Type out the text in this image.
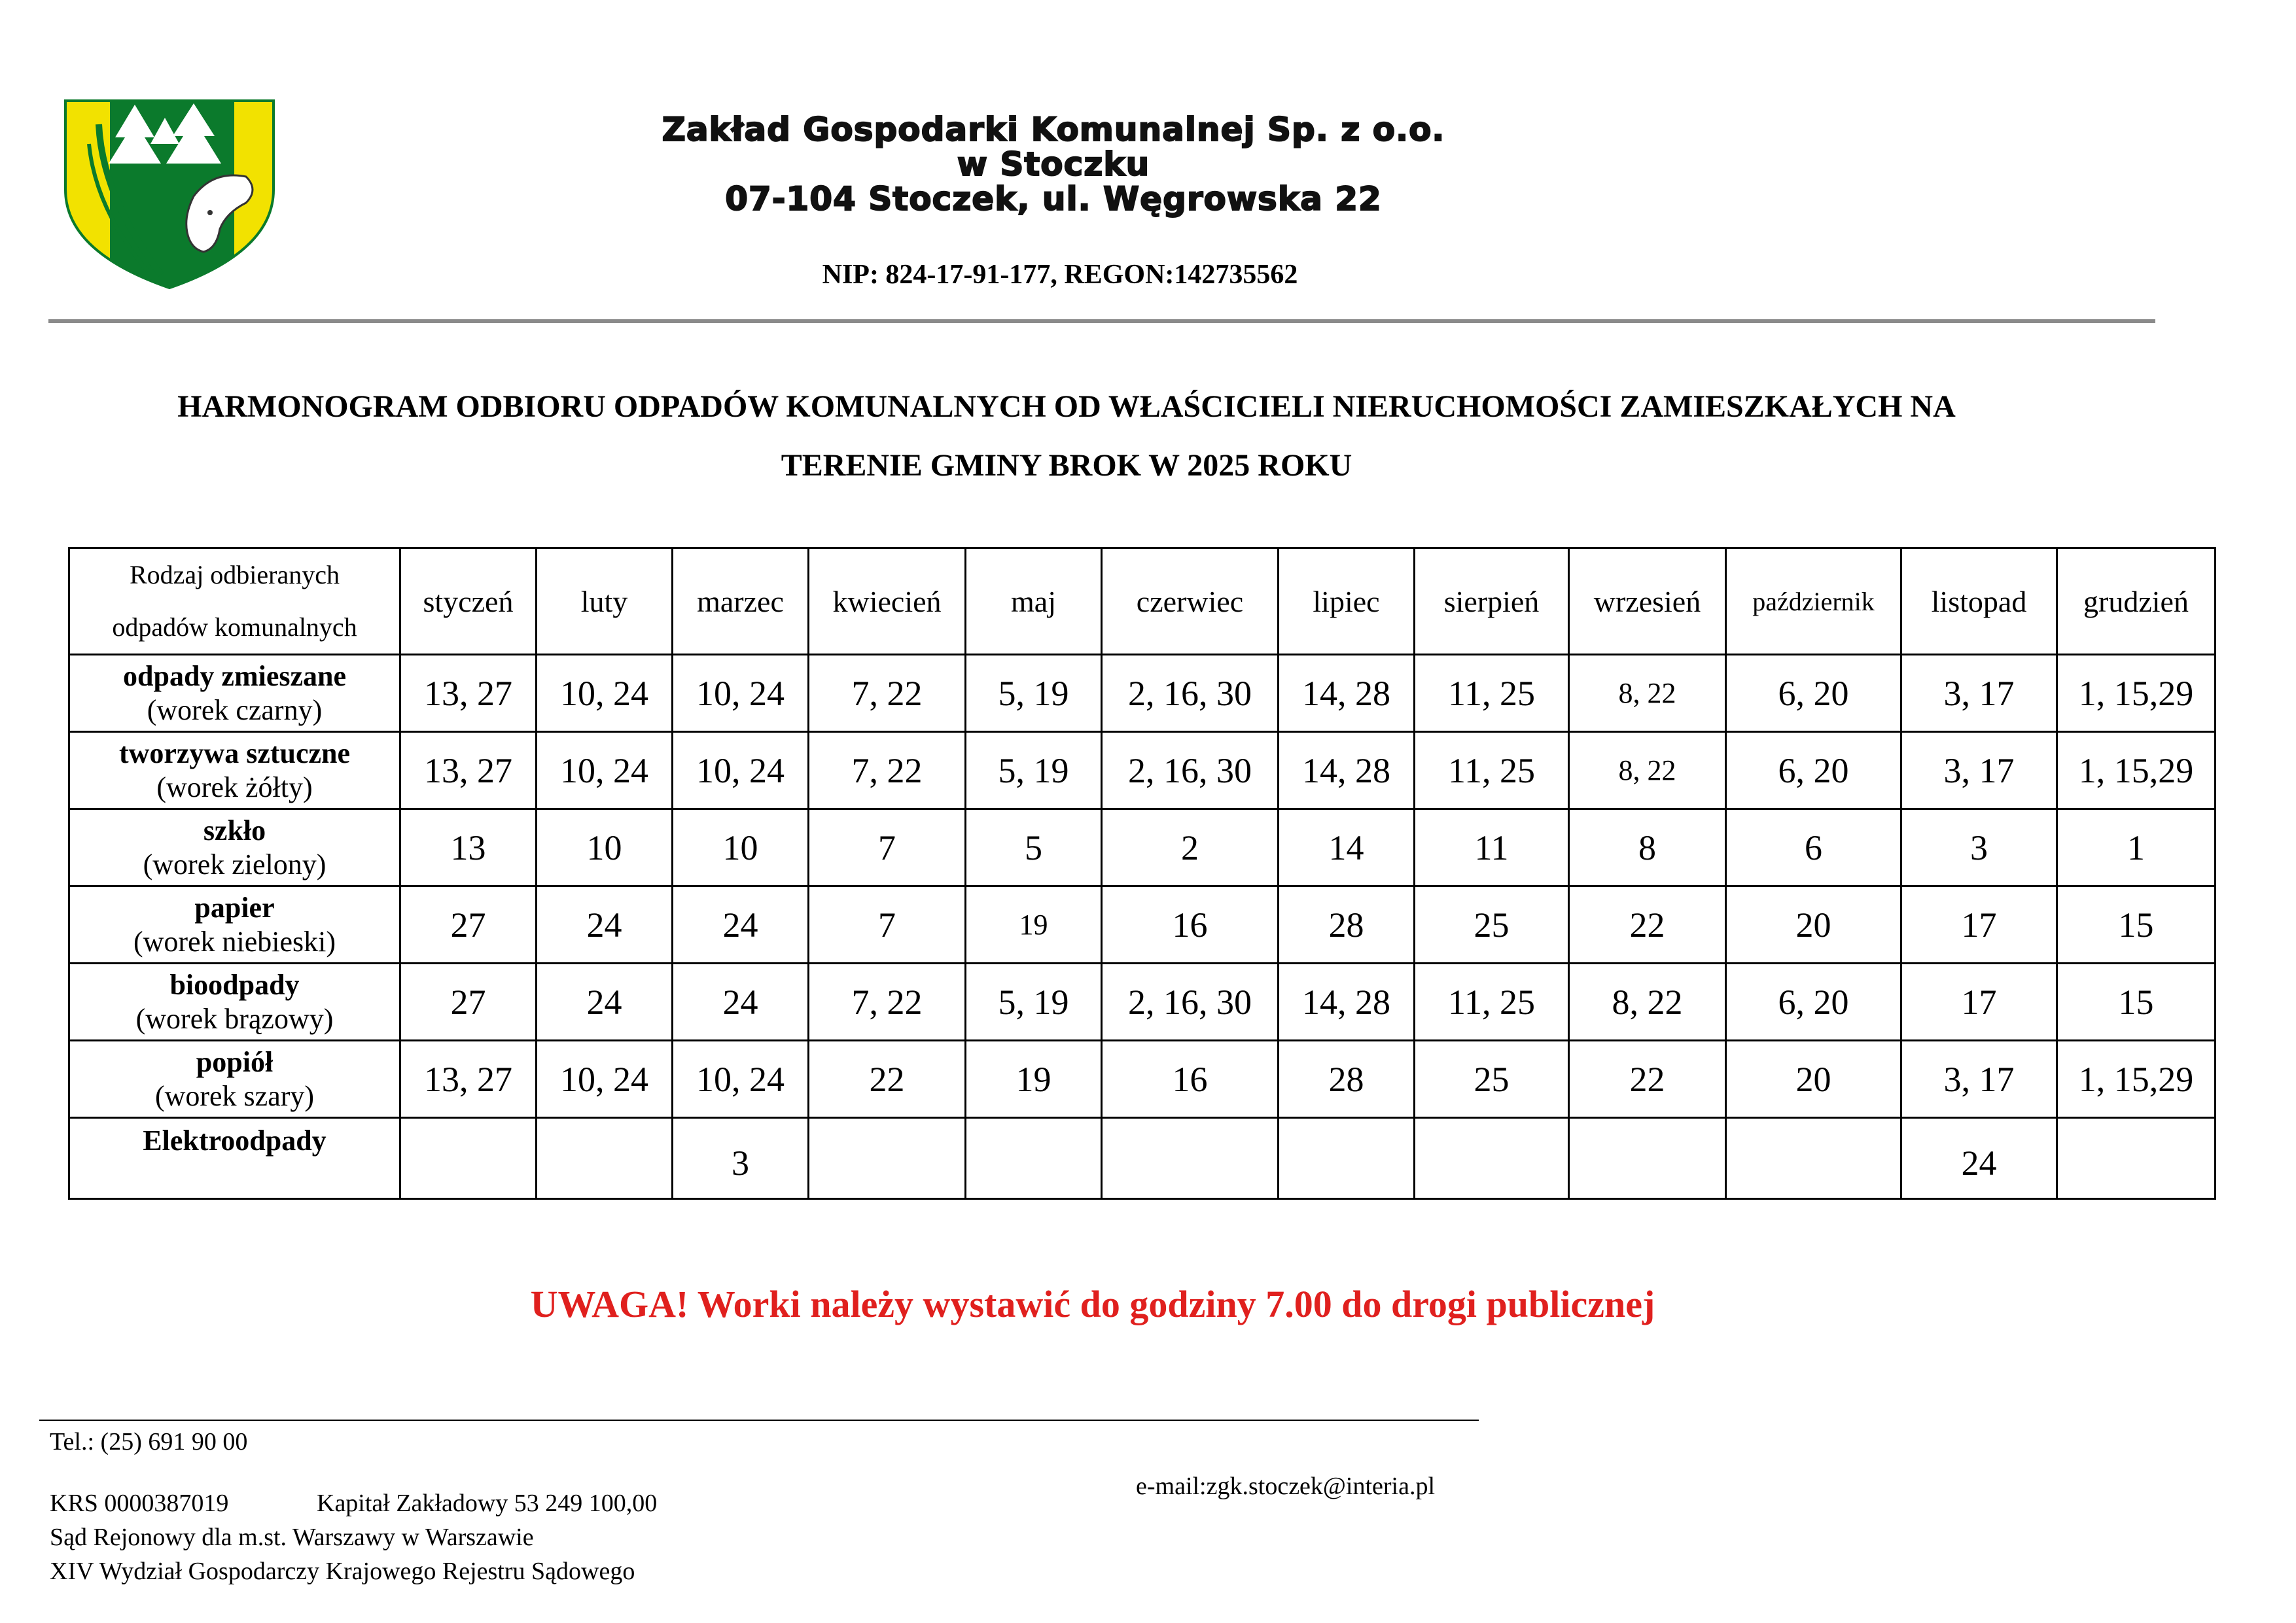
Zakład Gospodarki Komunalnej Sp. z o.o.
w Stoczku
07-104 Stoczek, ul. Węgrowska 22
NIP: 824-17-91-177, REGON:142735562
HARMONOGRAM ODBIORU ODPADÓW KOMUNALNYCH OD WŁAŚCICIELI NIERUCHOMOŚCI ZAMIESZKAŁYCH NA
TERENIE GMINY BROK W 2025 ROKU
Rodzaj odbieranych
odpadów komunalnych	styczeń	luty	marzec	kwiecień	maj	czerwiec	lipiec	sierpień	wrzesień	październik	listopad	grudzień

odpady zmieszane
(worek czarny)	13, 27	10, 24	10, 24	7, 22	5, 19	2, 16, 30	14, 28	11, 25	8, 22	6, 20	3, 17	1, 15,29

tworzywa sztuczne
(worek żółty)	13, 27	10, 24	10, 24	7, 22	5, 19	2, 16, 30	14, 28	11, 25	8, 22	6, 20	3, 17	1, 15,29

szkło
(worek zielony)	13	10	10	7	5	2	14	11	8	6	3	1

papier
(worek niebieski)	27	24	24	7	19	16	28	25	22	20	17	15

bioodpady
(worek brązowy)	27	24	24	7, 22	5, 19	2, 16, 30	14, 28	11, 25	8, 22	6, 20	17	15

popiół
(worek szary)	13, 27	10, 24	10, 24	22	19	16	28	25	22	20	3, 17	1, 15,29
Elektroodpady			3								24	
UWAGA! Worki należy wystawić do godziny 7.00 do drogi publicznej
Tel.: (25) 691 90 00
KRS 0000387019	Kapitał Zakładowy 53 249 100,00
Sąd Rejonowy dla m.st. Warszawy w Warszawie
XIV Wydział Gospodarczy Krajowego Rejestru Sądowego
e-mail:zgk.stoczek@interia.pl
